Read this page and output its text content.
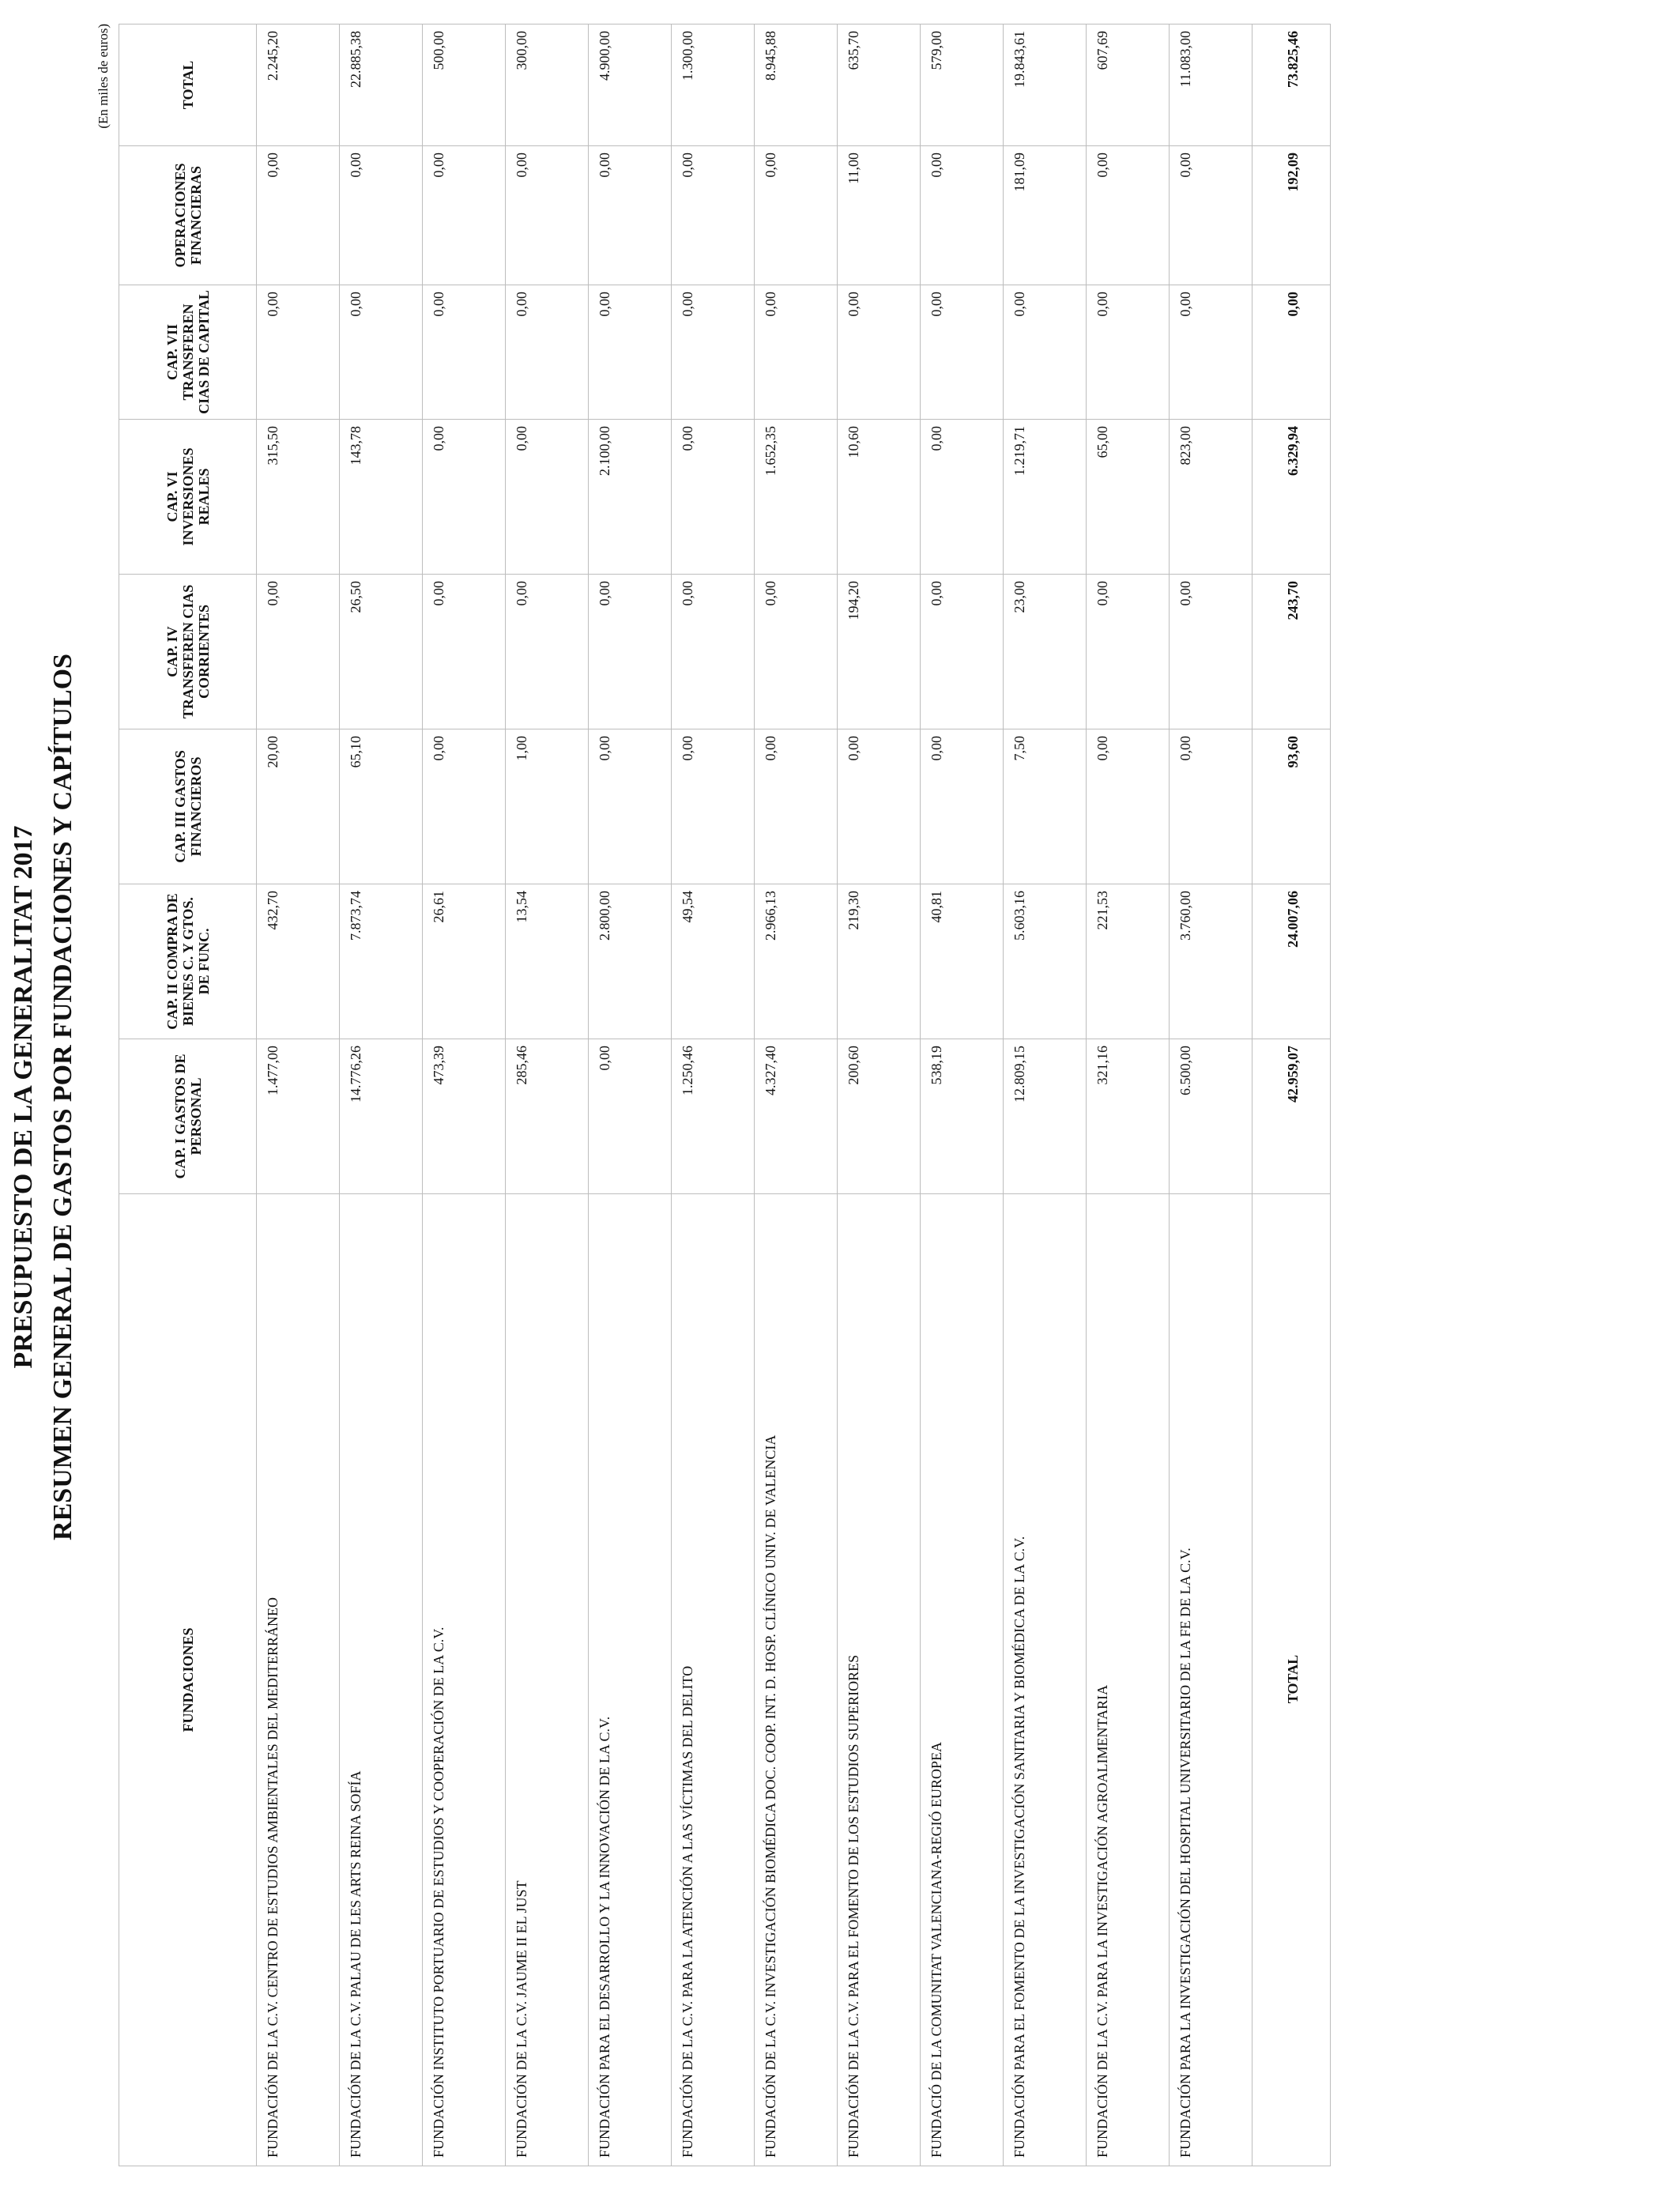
PRESUPUESTO DE LA GENERALITAT 2017 RESUMEN GENERAL DE GASTOS POR FUNDACIONES Y CAPÍTULOS
(En miles de euros)
FUNDACIONES	CAP. I GASTOS DE PERSONAL	CAP. II COMPRA DE BIENES C. Y GTOS. DE FUNC.	CAP. III GASTOS FINANCIEROS	CAP. IV TRANSFEREN CIAS CORRIENTES	CAP. VI INVERSIONES REALES	CAP. VII TRANSFEREN CIAS DE CAPITAL	OPERACIONES FINANCIERAS	TOTAL
FUNDACIÓN DE LA C.V. CENTRO DE ESTUDIOS AMBIENTALES DEL MEDITERRÁNEO	1.477,00	432,70	20,00	0,00	315,50	0,00	0,00	2.245,20
FUNDACIÓN DE LA C.V. PALAU DE LES ARTS REINA SOFÍA	14.776,26	7.873,74	65,10	26,50	143,78	0,00	0,00	22.885,38
FUNDACIÓN INSTITUTO PORTUARIO DE ESTUDIOS Y COOPERACIÓN DE LA C.V.	473,39	26,61	0,00	0,00	0,00	0,00	0,00	500,00
FUNDACIÓN DE LA C.V. JAUME II EL JUST	285,46	13,54	1,00	0,00	0,00	0,00	0,00	300,00
FUNDACIÓN PARA EL DESARROLLO Y LA INNOVACIÓN DE LA C.V.	0,00	2.800,00	0,00	0,00	2.100,00	0,00	0,00	4.900,00
FUNDACIÓN DE LA C.V. PARA LA ATENCIÓN A LAS VÍCTIMAS DEL DELITO	1.250,46	49,54	0,00	0,00	0,00	0,00	0,00	1.300,00
FUNDACIÓN DE LA C.V. INVESTIGACIÓN BIOMÉDICA DOC. COOP. INT. D. HOSP. CLÍNICO UNIV. DE VALENCIA	4.327,40	2.966,13	0,00	0,00	1.652,35	0,00	0,00	8.945,88
FUNDACIÓN DE LA C.V. PARA EL FOMENTO DE LOS ESTUDIOS SUPERIORES	200,60	219,30	0,00	194,20	10,60	0,00	11,00	635,70
FUNDACIÓ DE LA COMUNITAT VALENCIANA-REGIÓ EUROPEA	538,19	40,81	0,00	0,00	0,00	0,00	0,00	579,00
FUNDACIÓN PARA EL FOMENTO DE LA INVESTIGACIÓN SANITARIA Y BIOMÉDICA DE LA C.V.	12.809,15	5.603,16	7,50	23,00	1.219,71	0,00	181,09	19.843,61
FUNDACIÓN DE LA C.V. PARA LA INVESTIGACIÓN AGROALIMENTARIA	321,16	221,53	0,00	0,00	65,00	0,00	0,00	607,69
FUNDACIÓN PARA LA INVESTIGACIÓN DEL HOSPITAL UNIVERSITARIO DE LA FE DE LA C.V.	6.500,00	3.760,00	0,00	0,00	823,00	0,00	0,00	11.083,00
TOTAL	42.959,07	24.007,06	93,60	243,70	6.329,94	0,00	192,09	73.825,46
